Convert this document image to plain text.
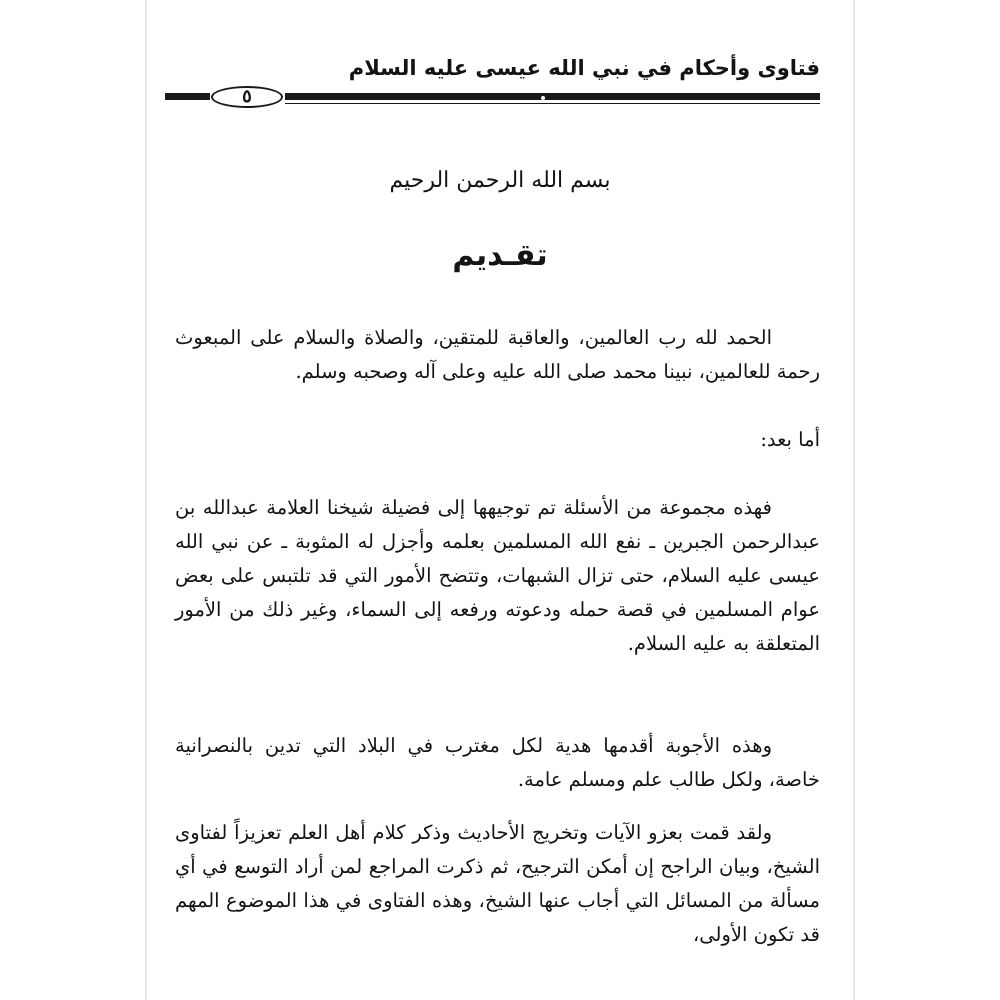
فتاوى وأحكام في نبي الله عيسى عليه السلام
٥

بسم الله الرحمن الرحيم

تقـديم

الحمد لله رب العالمين، والعاقبة للمتقين، والصلاة والسلام على المبعوث رحمة للعالمين، نبينا محمد صلى الله عليه وعلى آله وصحبه وسلم.

أما بعد:

فهذه مجموعة من الأسئلة تم توجيهها إلى فضيلة شيخنا العلامة عبدالله بن عبدالرحمن الجبرين ـ نفع الله المسلمين بعلمه وأجزل له المثوبة ـ عن نبي الله عيسى عليه السلام، حتى تزال الشبهات، وتتضح الأمور التي قد تلتبس على بعض عوام المسلمين في قصة حمله ودعوته ورفعه إلى السماء، وغير ذلك من الأمور المتعلقة به عليه السلام.

وهذه الأجوبة أقدمها هدية لكل مغترب في البلاد التي تدين بالنصرانية خاصة، ولكل طالب علم ومسلم عامة.

ولقد قمت بعزو الآيات وتخريج الأحاديث وذكر كلام أهل العلم تعزيزاً لفتاوى الشيخ، وبيان الراجح إن أمكن الترجيح، ثم ذكرت المراجع لمن أراد التوسع في أي مسألة من المسائل التي أجاب عنها الشيخ، وهذه الفتاوى في هذا الموضوع المهم قد تكون الأولى،
